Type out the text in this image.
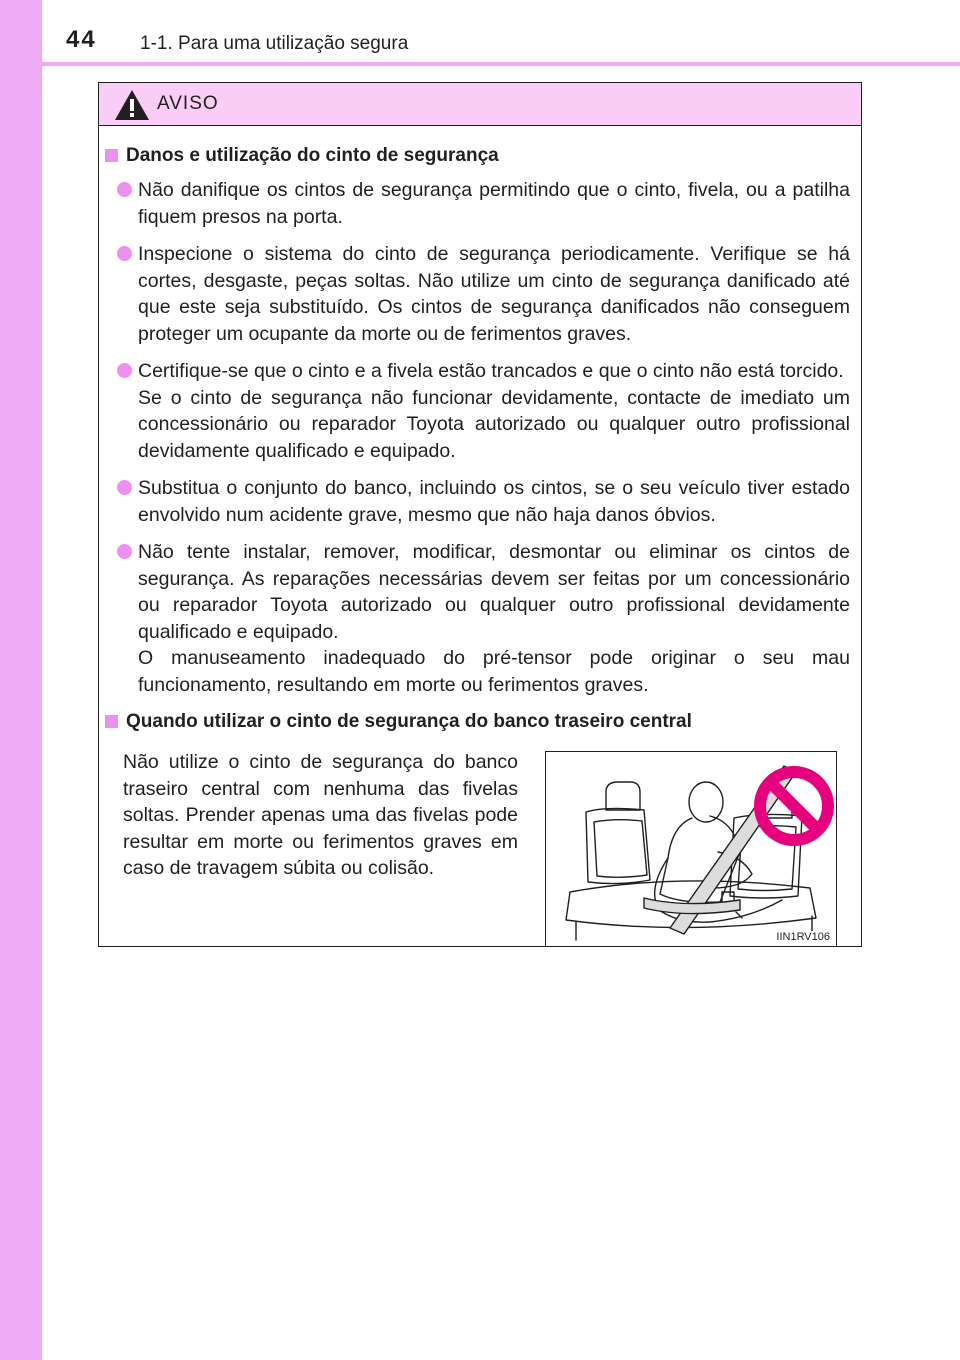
44 1-1. Para uma utilização segura
AVISO
Danos e utilização do cinto de segurança

Não danifique os cintos de segurança permitindo que o cinto, fivela, ou a patilha fiquem presos na porta.

Inspecione o sistema do cinto de segurança periodicamente. Verifique se há cortes, desgaste, peças soltas. Não utilize um cinto de segurança danificado até que este seja substituído. Os cintos de segurança danificados não conseguem proteger um ocupante da morte ou de ferimentos graves.

Certifique-se que o cinto e a fivela estão trancados e que o cinto não está torcido.

Se o cinto de segurança não funcionar devidamente, contacte de imediato um concessionário ou reparador Toyota autorizado ou qualquer outro profissional devidamente qualificado e equipado.

Substitua o conjunto do banco, incluindo os cintos, se o seu veículo tiver estado envolvido num acidente grave, mesmo que não haja danos óbvios.

Não tente instalar, remover, modificar, desmontar ou eliminar os cintos de segurança. As reparações necessárias devem ser feitas por um concessionário ou reparador Toyota autorizado ou qualquer outro profissional devidamente qualificado e equipado.

O manuseamento inadequado do pré-tensor pode originar o seu mau funcionamento, resultando em morte ou ferimentos graves.

Quando utilizar o cinto de segurança do banco traseiro central

Não utilize o cinto de segurança do banco traseiro central com nenhuma das fivelas soltas. Prender apenas uma das fivelas pode resultar em morte ou ferimentos graves em caso de travagem súbita ou colisão.

IIN1RV106
